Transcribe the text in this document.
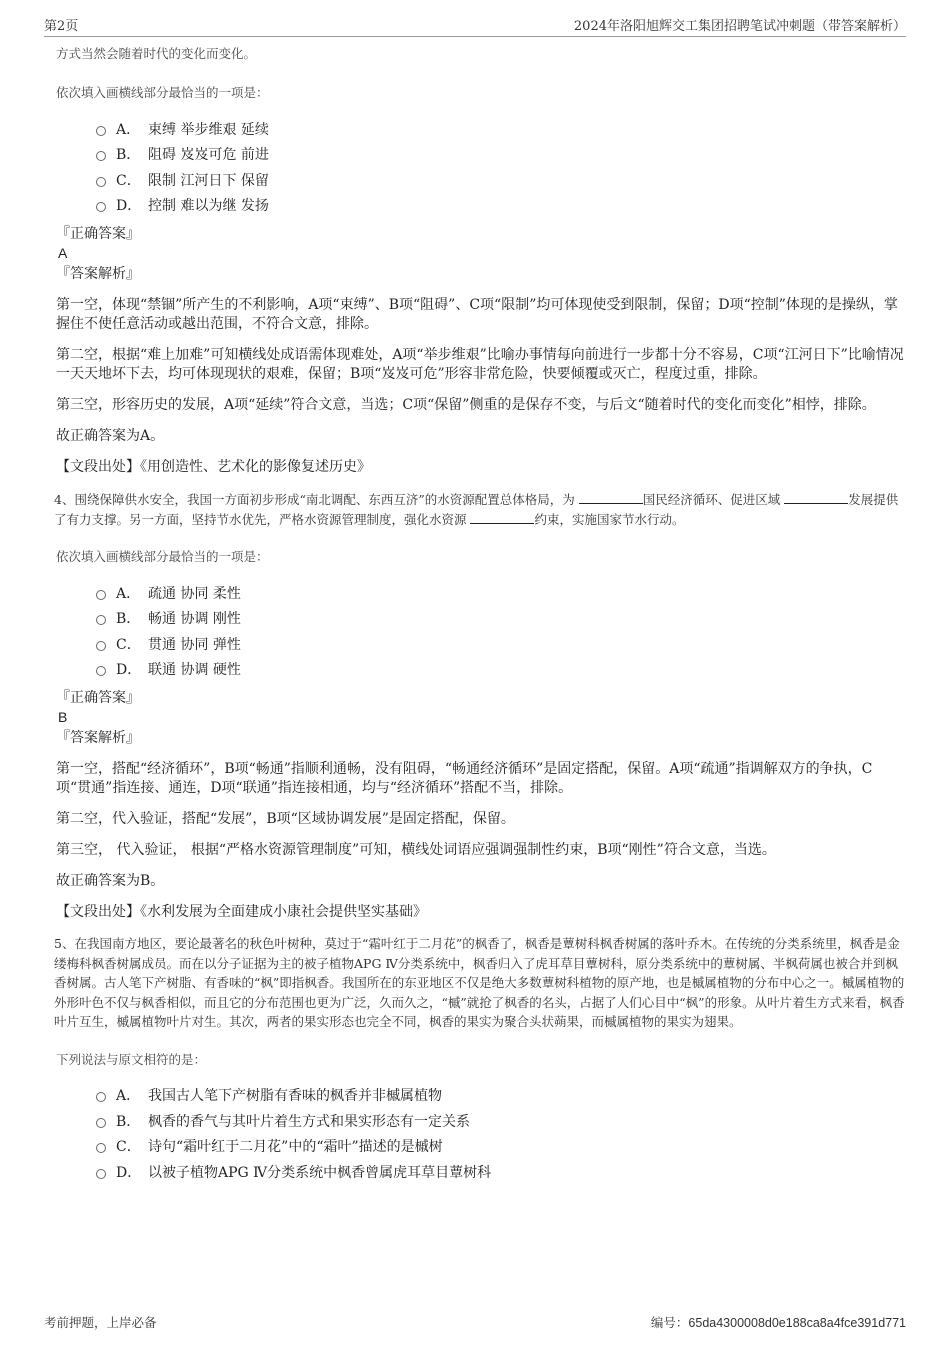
第2页	2024年洛阳旭辉交工集团招聘笔试冲刺题（带答案解析）

方式当然会随着时代的变化而变化。

依次填入画横线部分最恰当的一项是：

A． 束缚 举步维艰 延续
B． 阻碍 岌岌可危 前进
C． 限制 江河日下 保留
D． 控制 难以为继 发扬

『正确答案』

A

『答案解析』

第一空，体现“禁锢”所产生的不利影响，A项“束缚”、B项“阻碍”、C项“限制”均可体现使受到限制，保留；D项“控制”体现的是操纵，掌握住不使任意活动或越出范围，不符合文意，排除。

第二空，根据“难上加难”可知横线处成语需体现难处，A项“举步维艰”比喻办事情每向前进行一步都十分不容易，C项“江河日下”比喻情况一天天地坏下去，均可体现现状的艰难，保留；B项“岌岌可危”形容非常危险，快要倾覆或灭亡，程度过重，排除。

第三空，形容历史的发展，A项“延续”符合文意，当选；C项“保留”侧重的是保存不变，与后文“随着时代的变化而变化”相悖，排除。

故正确答案为A。

【文段出处】《用创造性、艺术化的影像复述历史》

4、围绕保障供水安全，我国一方面初步形成“南北调配、东西互济”的水资源配置总体格局，为	国民经济循环、促进区域	发展提供了有力支撑。另一方面，坚持节水优先，严格水资源管理制度，强化水资源	约束，实施国家节水行动。

依次填入画横线部分最恰当的一项是：

A． 疏通 协同 柔性
B． 畅通 协调 刚性
C． 贯通 协同 弹性
D． 联通 协调 硬性

『正确答案』

B

『答案解析』

第一空，搭配“经济循环”，B项“畅通”指顺利通畅，没有阻碍，“畅通经济循环”是固定搭配，保留。A项“疏通”指调解双方的争执，C项“贯通”指连接、通连，D项“联通”指连接相通，均与“经济循环”搭配不当，排除。

第二空，代入验证，搭配“发展”，B项“区域协调发展”是固定搭配，保留。

第三空， 代入验证， 根据“严格水资源管理制度”可知，横线处词语应强调强制性约束，B项“刚性”符合文意，当选。

故正确答案为B。

【文段出处】《水利发展为全面建成小康社会提供坚实基础》

5、在我国南方地区，要论最著名的秋色叶树种，莫过于“霜叶红于二月花”的枫香了，枫香是蕈树科枫香树属的落叶乔木。在传统的分类系统里，枫香是金缕梅科枫香树属成员。而在以分子证据为主的被子植物APG Ⅳ分类系统中，枫香归入了虎耳草目蕈树科，原分类系统中的蕈树属、半枫荷属也被合并到枫香树属。古人笔下产树脂、有香味的“枫”即指枫香。我国所在的东亚地区不仅是绝大多数蕈树科植物的原产地，也是槭属植物的分布中心之一。槭属植物的外形叶色不仅与枫香相似，而且它的分布范围也更为广泛，久而久之，“槭”就抢了枫香的名头，占据了人们心目中“枫”的形象。从叶片着生方式来看，枫香叶片互生，槭属植物叶片对生。其次，两者的果实形态也完全不同，枫香的果实为聚合头状蒴果，而槭属植物的果实为翅果。

下列说法与原文相符的是：

A． 我国古人笔下产树脂有香味的枫香并非槭属植物
B． 枫香的香气与其叶片着生方式和果实形态有一定关系
C． 诗句“霜叶红于二月花”中的“霜叶”描述的是槭树
D． 以被子植物APG Ⅳ分类系统中枫香曾属虎耳草目蕈树科
考前押题，上岸必备	编号：65da4300008d0e188ca8a4fce391d771
